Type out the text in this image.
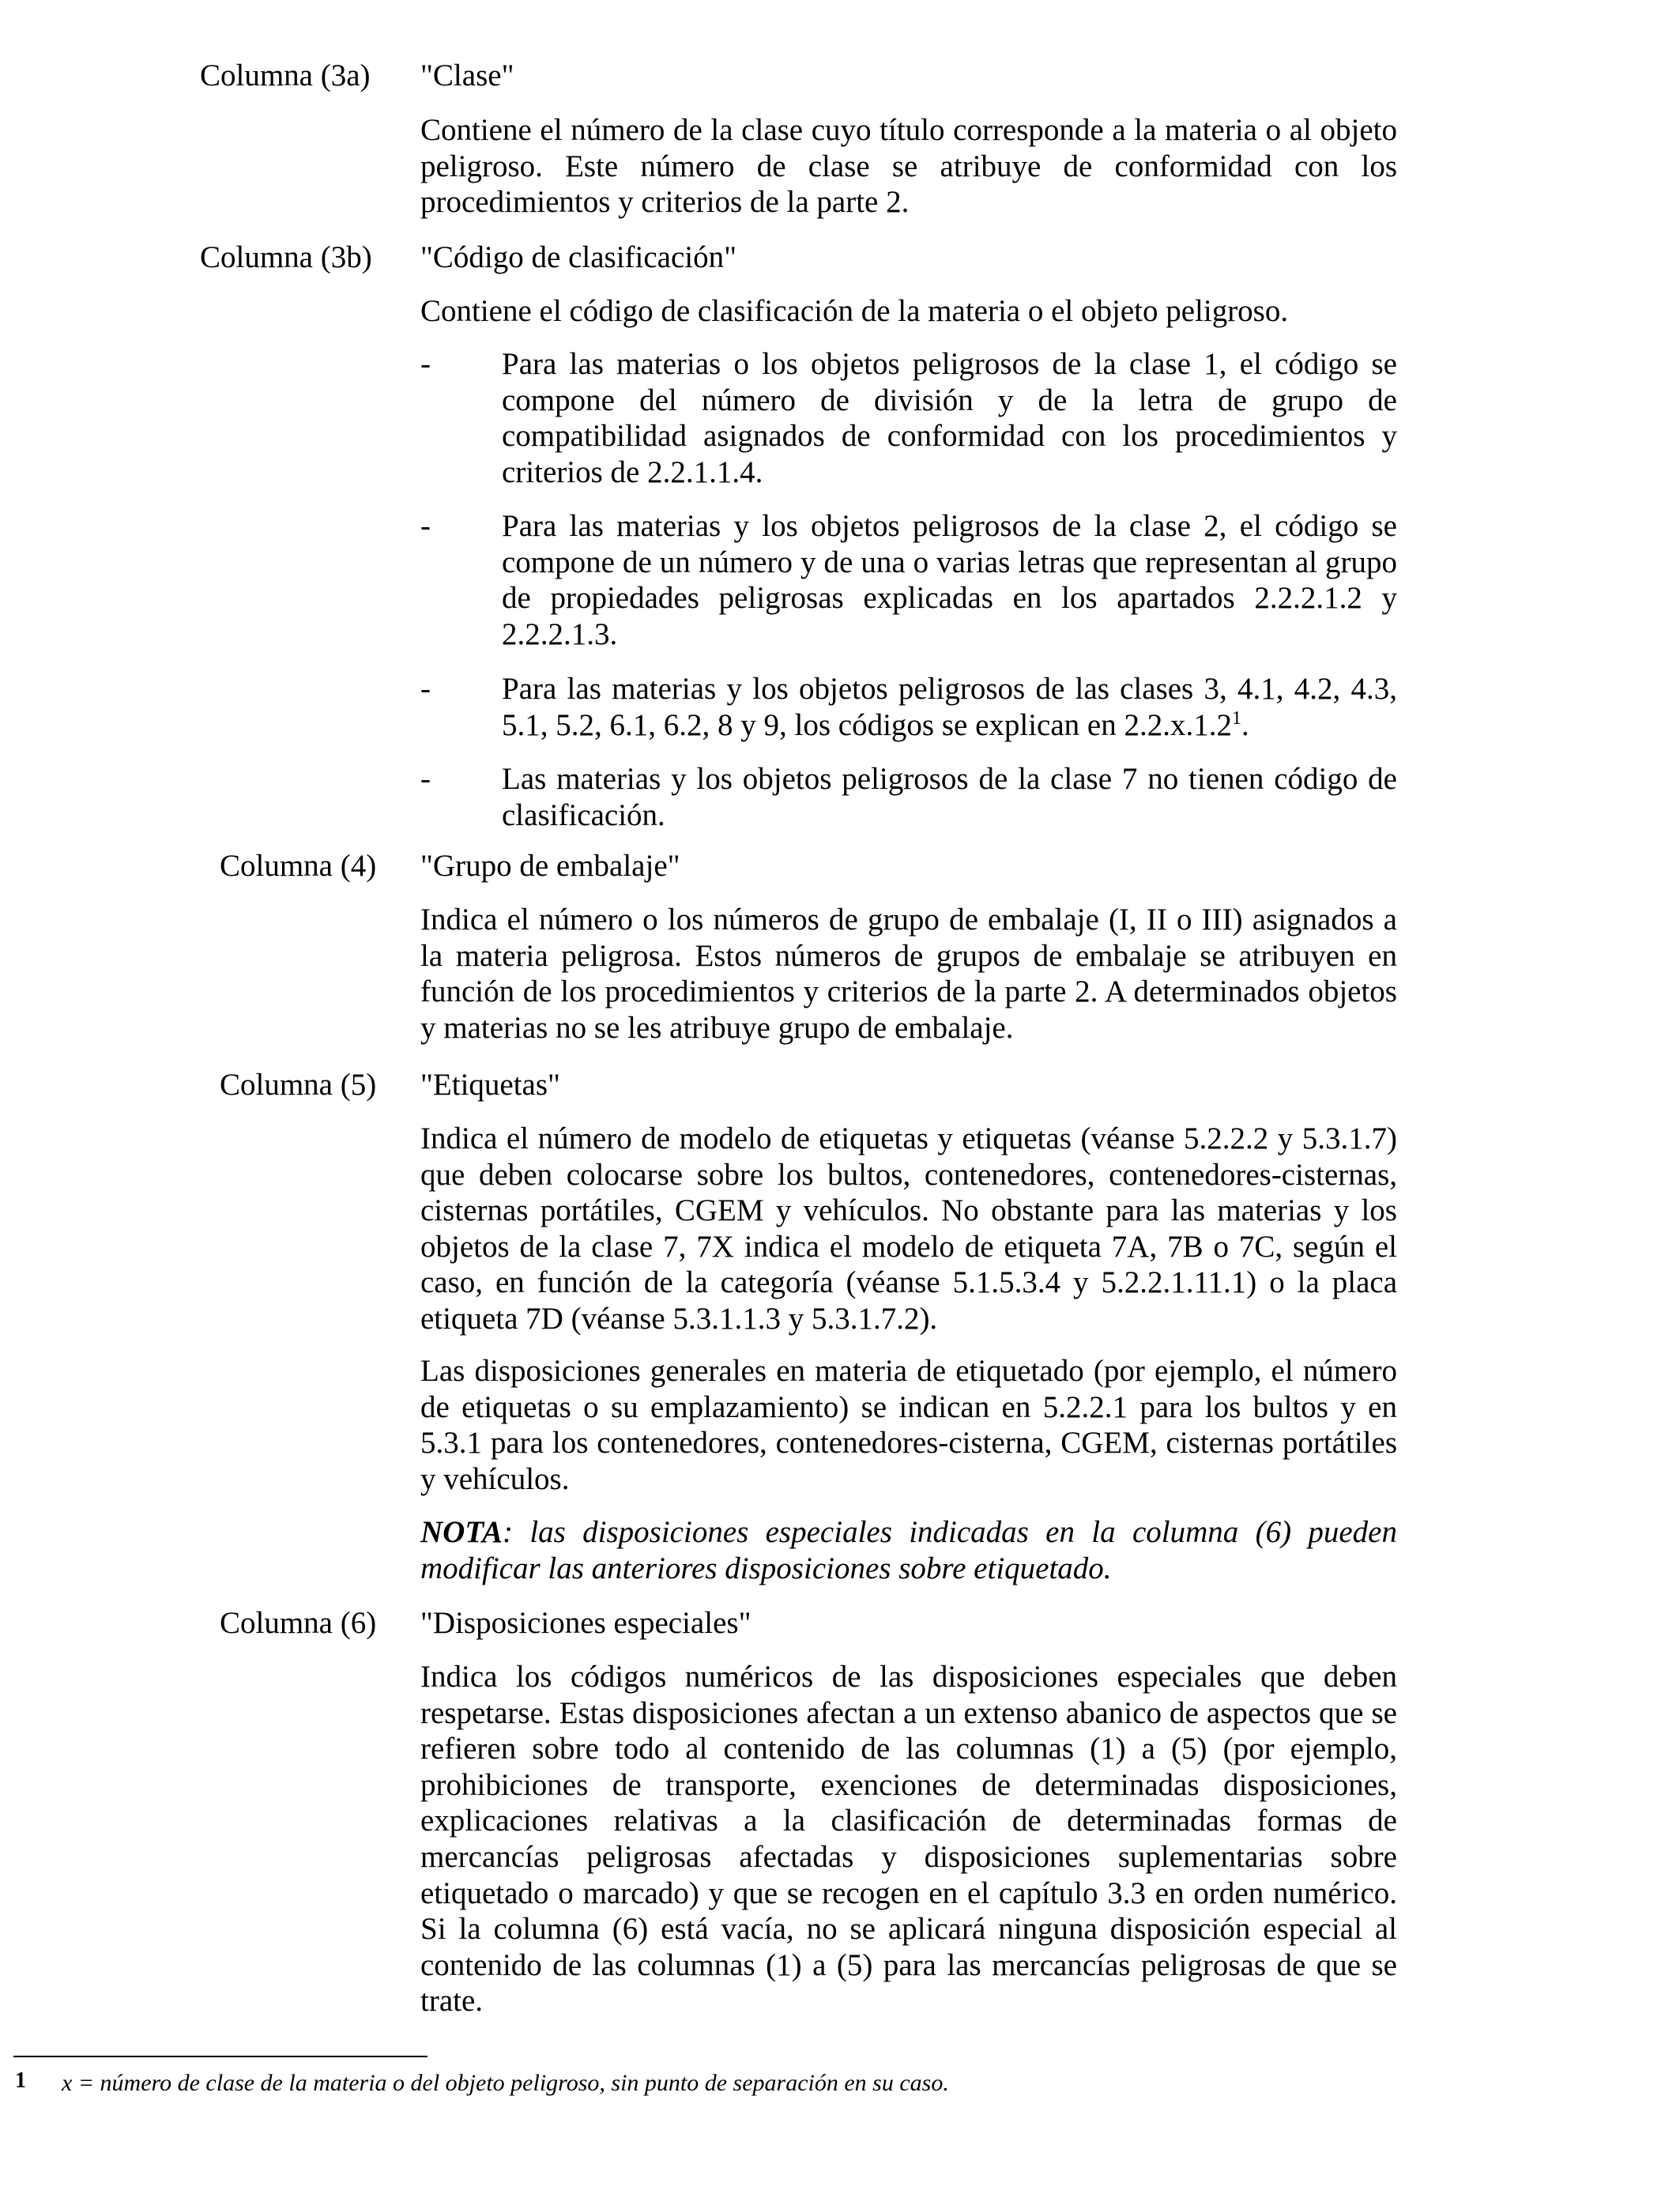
Columna (3a) "Clase"

Contiene el número de la clase cuyo título corresponde a la materia o al objeto peligroso. Este número de clase se atribuye de conformidad con los procedimientos y criterios de la parte 2.

Columna (3b) "Código de clasificación"

Contiene el código de clasificación de la materia o el objeto peligroso.

- Para las materias o los objetos peligrosos de la clase 1, el código se compone del número de división y de la letra de grupo de compatibilidad asignados de conformidad con los procedimientos y criterios de 2.2.1.1.4.

- Para las materias y los objetos peligrosos de la clase 2, el código se compone de un número y de una o varias letras que representan al grupo de propiedades peligrosas explicadas en los apartados 2.2.2.1.2 y 2.2.2.1.3.

- Para las materias y los objetos peligrosos de las clases 3, 4.1, 4.2, 4.3, 5.1, 5.2, 6.1, 6.2, 8 y 9, los códigos se explican en 2.2.x.1.2$^1$.

- Las materias y los objetos peligrosos de la clase 7 no tienen código de clasificación.

Columna (4) "Grupo de embalaje"

Indica el número o los números de grupo de embalaje (I, II o III) asignados a la materia peligrosa. Estos números de grupos de embalaje se atribuyen en función de los procedimientos y criterios de la parte 2. A determinados objetos y materias no se les atribuye grupo de embalaje.

Columna (5) "Etiquetas"

Indica el número de modelo de etiquetas y etiquetas (véanse 5.2.2.2 y 5.3.1.7) que deben colocarse sobre los bultos, contenedores, contenedores-cisternas, cisternas portátiles, CGEM y vehículos. No obstante para las materias y los objetos de la clase 7, 7X indica el modelo de etiqueta 7A, 7B o 7C, según el caso, en función de la categoría (véanse 5.1.5.3.4 y 5.2.2.1.11.1) o la placa etiqueta 7D (véanse 5.3.1.1.3 y 5.3.1.7.2).

Las disposiciones generales en materia de etiquetado (por ejemplo, el número de etiquetas o su emplazamiento) se indican en 5.2.2.1 para los bultos y en 5.3.1 para los contenedores, contenedores-cisterna, CGEM, cisternas portátiles y vehículos.

NOTA: las disposiciones especiales indicadas en la columna (6) pueden modificar las anteriores disposiciones sobre etiquetado.

Columna (6) "Disposiciones especiales"

Indica los códigos numéricos de las disposiciones especiales que deben respetarse. Estas disposiciones afectan a un extenso abanico de aspectos que se refieren sobre todo al contenido de las columnas (1) a (5) (por ejemplo, prohibiciones de transporte, exenciones de determinadas disposiciones, explicaciones relativas a la clasificación de determinadas formas de mercancías peligrosas afectadas y disposiciones suplementarias sobre etiquetado o marcado) y que se recogen en el capítulo 3.3 en orden numérico. Si la columna (6) está vacía, no se aplicará ninguna disposición especial al contenido de las columnas (1) a (5) para las mercancías peligrosas de que se trate.

1 x = número de clase de la materia o del objeto peligroso, sin punto de separación en su caso.
